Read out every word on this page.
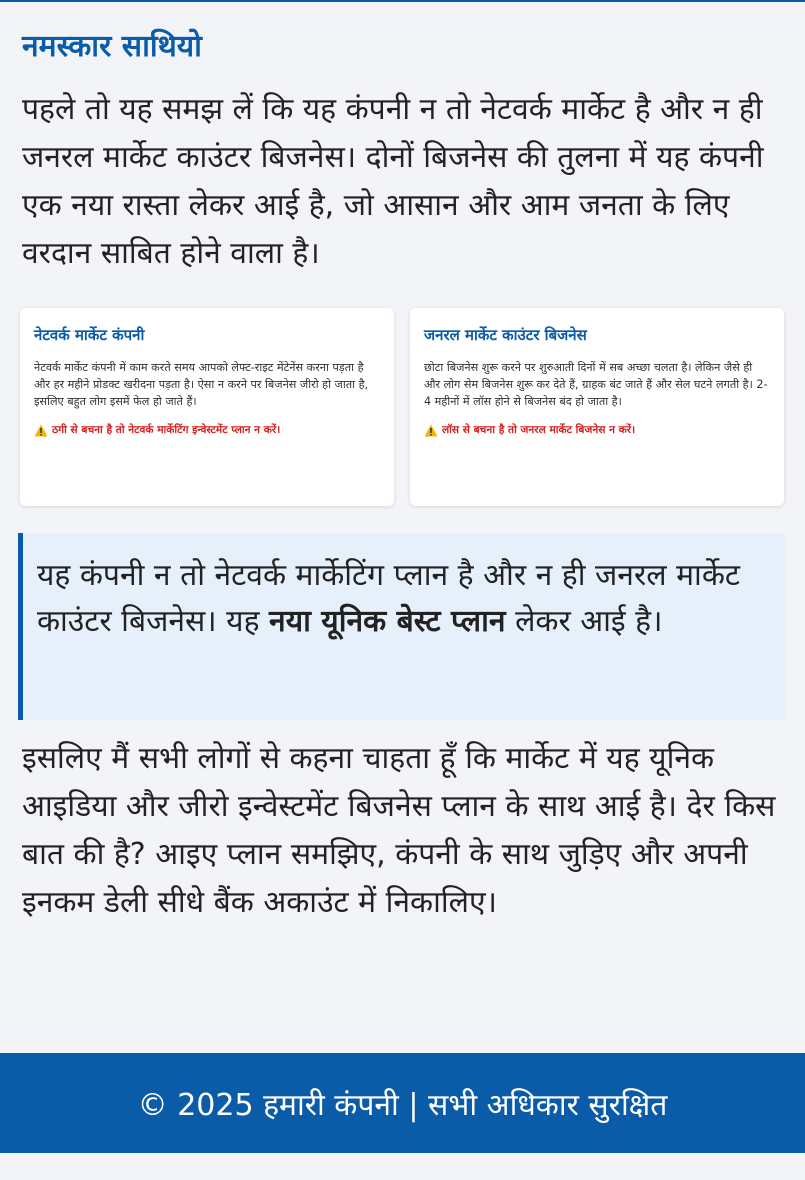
नमस्कार साथियो

पहले तो यह समझ लें कि यह कंपनी न तो नेटवर्क मार्केट है और न ही जनरल मार्केट काउंटर बिजनेस। दोनों बिजनेस की तुलना में यह कंपनी एक नया रास्ता लेकर आई है, जो आसान और आम जनता के लिए वरदान साबित होने वाला है।

नेटवर्क मार्केट कंपनी
नेटवर्क मार्केट कंपनी में काम करते समय आपको लेफ्ट-राइट मेंटेनेंस करना पड़ता है और हर महीने प्रोडक्ट खरीदना पड़ता है। ऐसा न करने पर बिजनेस जीरो हो जाता है, इसलिए बहुत लोग इसमें फेल हो जाते हैं।
ठगी से बचना है तो नेटवर्क मार्केटिंग इन्वेस्टमेंट प्लान न करें।
जनरल मार्केट काउंटर बिजनेस
छोटा बिजनेस शुरू करने पर शुरुआती दिनों में सब अच्छा चलता है। लेकिन जैसे ही और लोग सेम बिजनेस शुरू कर देते हैं, ग्राहक बंट जाते हैं और सेल घटने लगती है। 2-4 महीनों में लॉस होने से बिजनेस बंद हो जाता है।
लॉस से बचना है तो जनरल मार्केट बिजनेस न करें।
यह कंपनी न तो नेटवर्क मार्केटिंग प्लान है और न ही जनरल मार्केट काउंटर बिजनेस। यह नया यूनिक बेस्ट प्लान लेकर आई है।

इसलिए मैं सभी लोगों से कहना चाहता हूँ कि मार्केट में यह यूनिक आइडिया और जीरो इन्वेस्टमेंट बिजनेस प्लान के साथ आई है। देर किस बात की है? आइए प्लान समझिए, कंपनी के साथ जुड़िए और अपनी इनकम डेली सीधे बैंक अकाउंट में निकालिए।

© 2025 हमारी कंपनी | सभी अधिकार सुरक्षित
